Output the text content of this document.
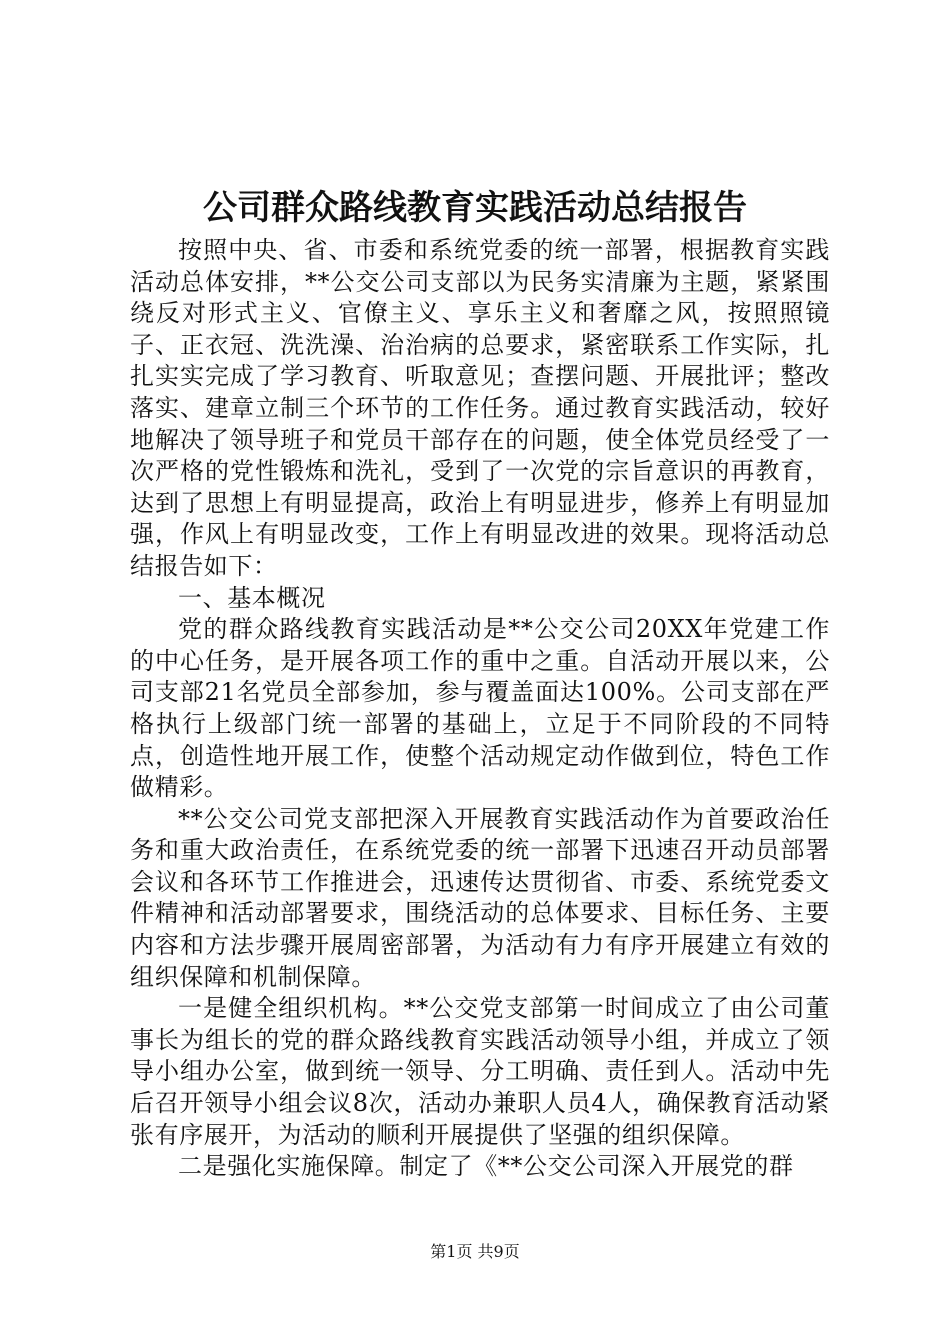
公司群众路线教育实践活动总结报告

按照中央、省、市委和系统党委的统一部署，根据教育实践活动总体安排，**公交公司支部以为民务实清廉为主题，紧紧围绕反对形式主义、官僚主义、享乐主义和奢靡之风，按照照镜子、正衣冠、洗洗澡、治治病的总要求，紧密联系工作实际，扎扎实实完成了学习教育、听取意见；查摆问题、开展批评；整改落实、建章立制三个环节的工作任务。通过教育实践活动，较好地解决了领导班子和党员干部存在的问题，使全体党员经受了一次严格的党性锻炼和洗礼，受到了一次党的宗旨意识的再教育，达到了思想上有明显提高，政治上有明显进步，修养上有明显加强，作风上有明显改变，工作上有明显改进的效果。现将活动总结报告如下：

一、基本概况

党的群众路线教育实践活动是**公交公司20XX年党建工作的中心任务，是开展各项工作的重中之重。自活动开展以来，公司支部21名党员全部参加，参与覆盖面达100%。公司支部在严格执行上级部门统一部署的基础上，立足于不同阶段的不同特点，创造性地开展工作，使整个活动规定动作做到位，特色工作做精彩。

**公交公司党支部把深入开展教育实践活动作为首要政治任务和重大政治责任，在系统党委的统一部署下迅速召开动员部署会议和各环节工作推进会，迅速传达贯彻省、市委、系统党委文件精神和活动部署要求，围绕活动的总体要求、目标任务、主要内容和方法步骤开展周密部署，为活动有力有序开展建立有效的组织保障和机制保障。

一是健全组织机构。**公交党支部第一时间成立了由公司董事长为组长的党的群众路线教育实践活动领导小组，并成立了领导小组办公室，做到统一领导、分工明确、责任到人。活动中先后召开领导小组会议8次，活动办兼职人员4人，确保教育活动紧张有序展开，为活动的顺利开展提供了坚强的组织保障。

二是强化实施保障。制定了《**公交公司深入开展党的群

第1页 共9页
